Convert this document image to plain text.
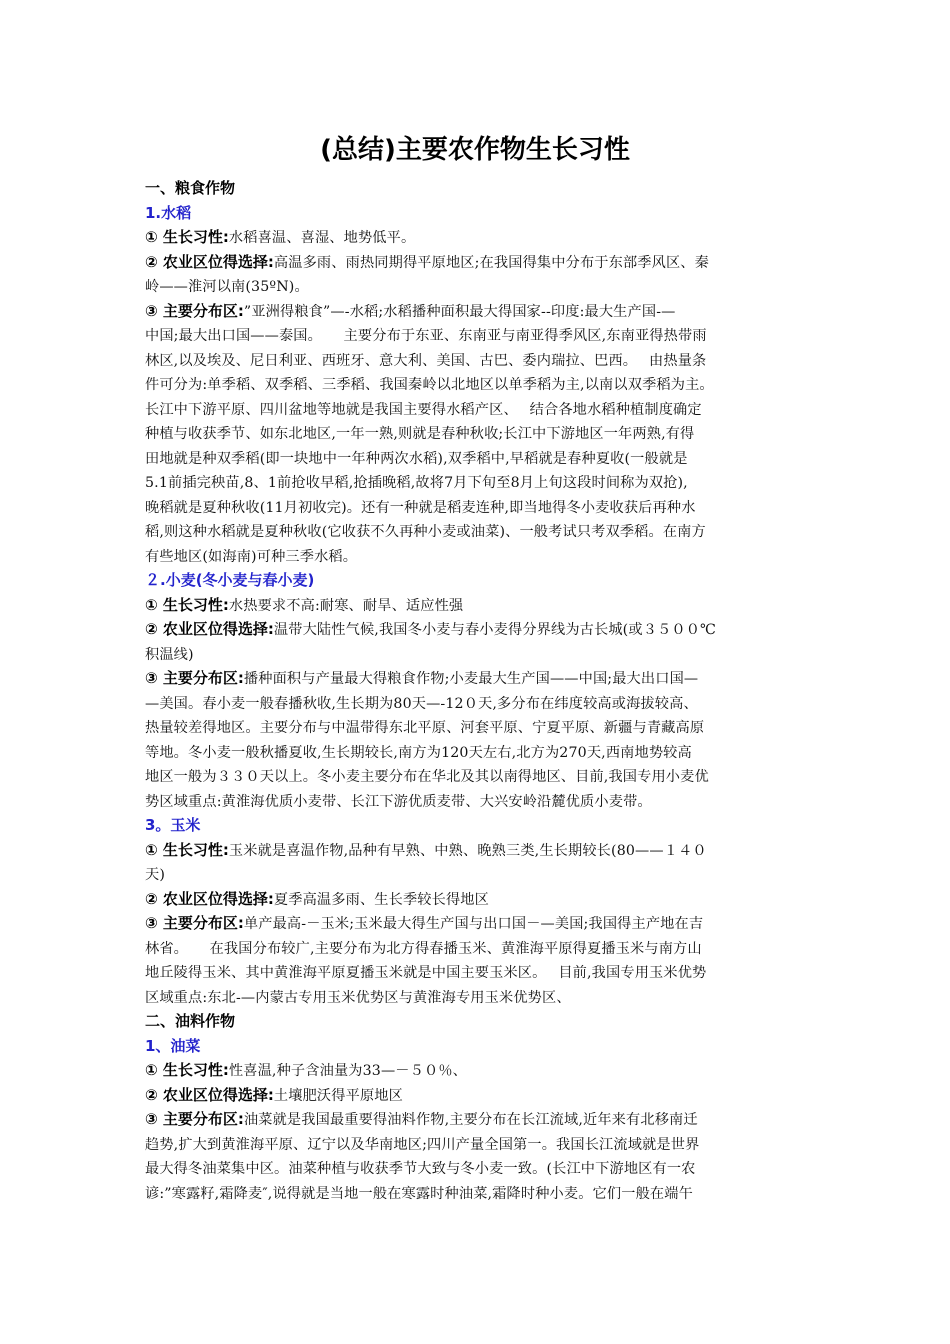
(总结)主要农作物生长习性
一、粮食作物
1.水稻
① 生长习性:水稻喜温、喜湿、地势低平。
② 农业区位得选择:高温多雨、雨热同期得平原地区;在我国得集中分布于东部季风区、秦
岭——淮河以南(35ºN)。
③ 主要分布区:”亚洲得粮食”—-水稻;水稻播种面积最大得国家--印度:最大生产国-—
中国;最大出口国——泰国。　　主要分布于东亚、东南亚与南亚得季风区,东南亚得热带雨
林区,以及埃及、尼日利亚、西班牙、意大利、美国、古巴、委内瑞拉、巴西。　 由热量条
件可分为:单季稻、双季稻、三季稻、我国秦岭以北地区以单季稻为主,以南以双季稻为主。
长江中下游平原、四川盆地等地就是我国主要得水稻产区、　 结合各地水稻种植制度确定
种植与收获季节、如东北地区,一年一熟,则就是春种秋收;长江中下游地区一年两熟,有得
田地就是种双季稻(即一块地中一年种两次水稻),双季稻中,早稻就是春种夏收(一般就是
5.1前插完秧苗,8、1前抢收早稻,抢插晚稻,故将7月下旬至8月上旬这段时间称为双抢),
晚稻就是夏种秋收(11月初收完)。还有一种就是稻麦连种,即当地得冬小麦收获后再种水
稻,则这种水稻就是夏种秋收(它收获不久再种小麦或油菜)、一般考试只考双季稻。在南方
有些地区(如海南)可种三季水稻。
２.小麦(冬小麦与春小麦)
① 生长习性:水热要求不高:耐寒、耐旱、适应性强
② 农业区位得选择:温带大陆性气候,我国冬小麦与春小麦得分界线为古长城(或３５００℃
积温线)
③ 主要分布区:播种面积与产量最大得粮食作物;小麦最大生产国——中国;最大出口国—
—美国。春小麦一般春播秋收,生长期为80天—-12０天,多分布在纬度较高或海拔较高、
热量较差得地区。主要分布与中温带得东北平原、河套平原、宁夏平原、新疆与青藏高原
等地。冬小麦一般秋播夏收,生长期较长,南方为120天左右,北方为270天,西南地势较高
地区一般为３３０天以上。冬小麦主要分布在华北及其以南得地区、目前,我国专用小麦优
势区域重点:黄淮海优质小麦带、长江下游优质麦带、大兴安岭沿麓优质小麦带。
3。玉米
① 生长习性:玉米就是喜温作物,品种有早熟、中熟、晚熟三类,生长期较长(80——１４０
天)
② 农业区位得选择:夏季高温多雨、生长季较长得地区
③ 主要分布区:单产最高-－玉米;玉米最大得生产国与出口国－—美国;我国得主产地在吉
林省。　　在我国分布较广,主要分布为北方得春播玉米、黄淮海平原得夏播玉米与南方山
地丘陵得玉米、其中黄淮海平原夏播玉米就是中国主要玉米区。　 目前,我国专用玉米优势
区域重点:东北-—内蒙古专用玉米优势区与黄淮海专用玉米优势区、
二、油料作物
1、油菜
① 生长习性:性喜温,种子含油量为33—－５０％、
② 农业区位得选择:土壤肥沃得平原地区
③ 主要分布区:油菜就是我国最重要得油料作物,主要分布在长江流域,近年来有北移南迁
趋势,扩大到黄淮海平原、辽宁以及华南地区;四川产量全国第一。我国长江流域就是世界
最大得冬油菜集中区。油菜种植与收获季节大致与冬小麦一致。(长江中下游地区有一农
谚:”寒露籽,霜降麦″,说得就是当地一般在寒露时种油菜,霜降时种小麦。它们一般在端午
